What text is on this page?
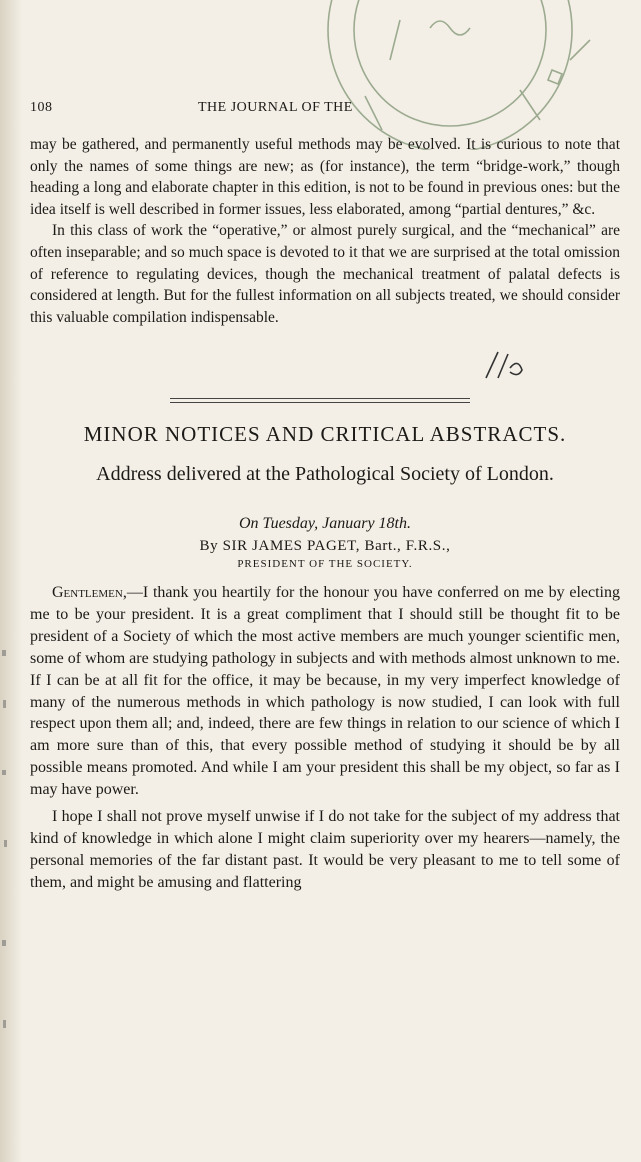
108	THE JOURNAL OF THE

may be gathered, and permanently useful methods may be evolved. It is curious to note that only the names of some things are new; as (for instance), the term “bridge-work,” though heading a long and elaborate chapter in this edition, is not to be found in previous ones: but the idea itself is well described in former issues, less elaborated, among “partial dentures,” &c.

In this class of work the “operative,” or almost purely surgical, and the “mechanical” are often inseparable; and so much space is devoted to it that we are surprised at the total omission of reference to regulating devices, though the mechanical treatment of palatal defects is considered at length. But for the fullest information on all subjects treated, we should consider this valuable compilation indispensable.

MINOR NOTICES AND CRITICAL ABSTRACTS.
Address delivered at the Pathological Society of London.
On Tuesday, January 18th.
By SIR JAMES PAGET, Bart., F.R.S.,
PRESIDENT OF THE SOCIETY.

Gentlemen,—I thank you heartily for the honour you have conferred on me by electing me to be your president. It is a great compliment that I should still be thought fit to be president of a Society of which the most active members are much younger scientific men, some of whom are studying pathology in subjects and with methods almost unknown to me. If I can be at all fit for the office, it may be because, in my very imperfect knowledge of many of the numerous methods in which pathology is now studied, I can look with full respect upon them all; and, indeed, there are few things in relation to our science of which I am more sure than of this, that every possible method of studying it should be by all possible means promoted. And while I am your president this shall be my object, so far as I may have power.

I hope I shall not prove myself unwise if I do not take for the subject of my address that kind of knowledge in which alone I might claim superiority over my hearers—namely, the personal memories of the far distant past. It would be very pleasant to me to tell some of them, and might be amusing and flattering
